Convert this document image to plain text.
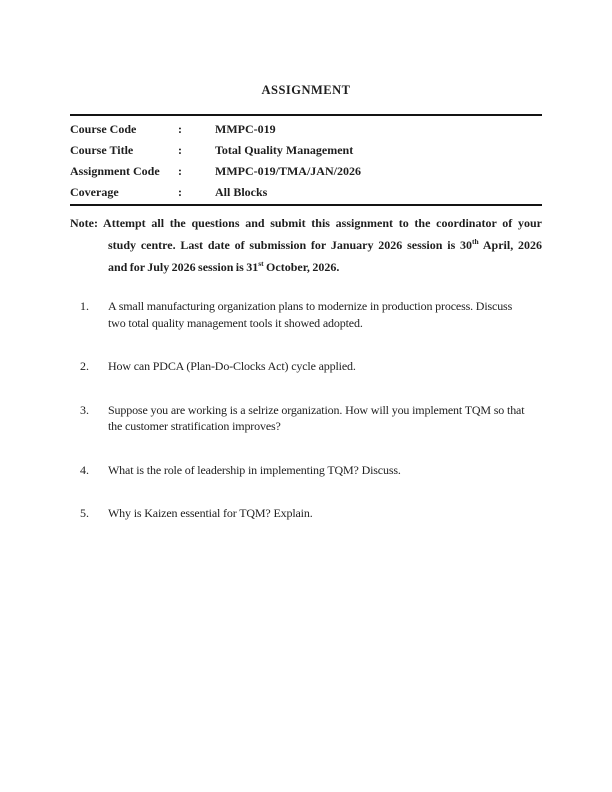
ASSIGNMENT
Course Code	:	MMPC-019
Course Title	:	Total Quality Management
Assignment Code	:	MMPC-019/TMA/JAN/2026
Coverage	:	All Blocks
Note: Attempt all the questions and submit this assignment to the coordinator of your
study centre. Last date of submission for January 2026 session is 30th April, 2026
and for July 2026 session is 31st October, 2026.
1.	A small manufacturing organization plans to modernize in production process. Discuss
two total quality management tools it showed adopted.
2.	How can PDCA (Plan-Do-Clocks Act) cycle applied.
3.	Suppose you are working is a selrize organization. How will you implement TQM so that
the customer stratification improves?
4.	What is the role of leadership in implementing TQM? Discuss.
5.	Why is Kaizen essential for TQM? Explain.
